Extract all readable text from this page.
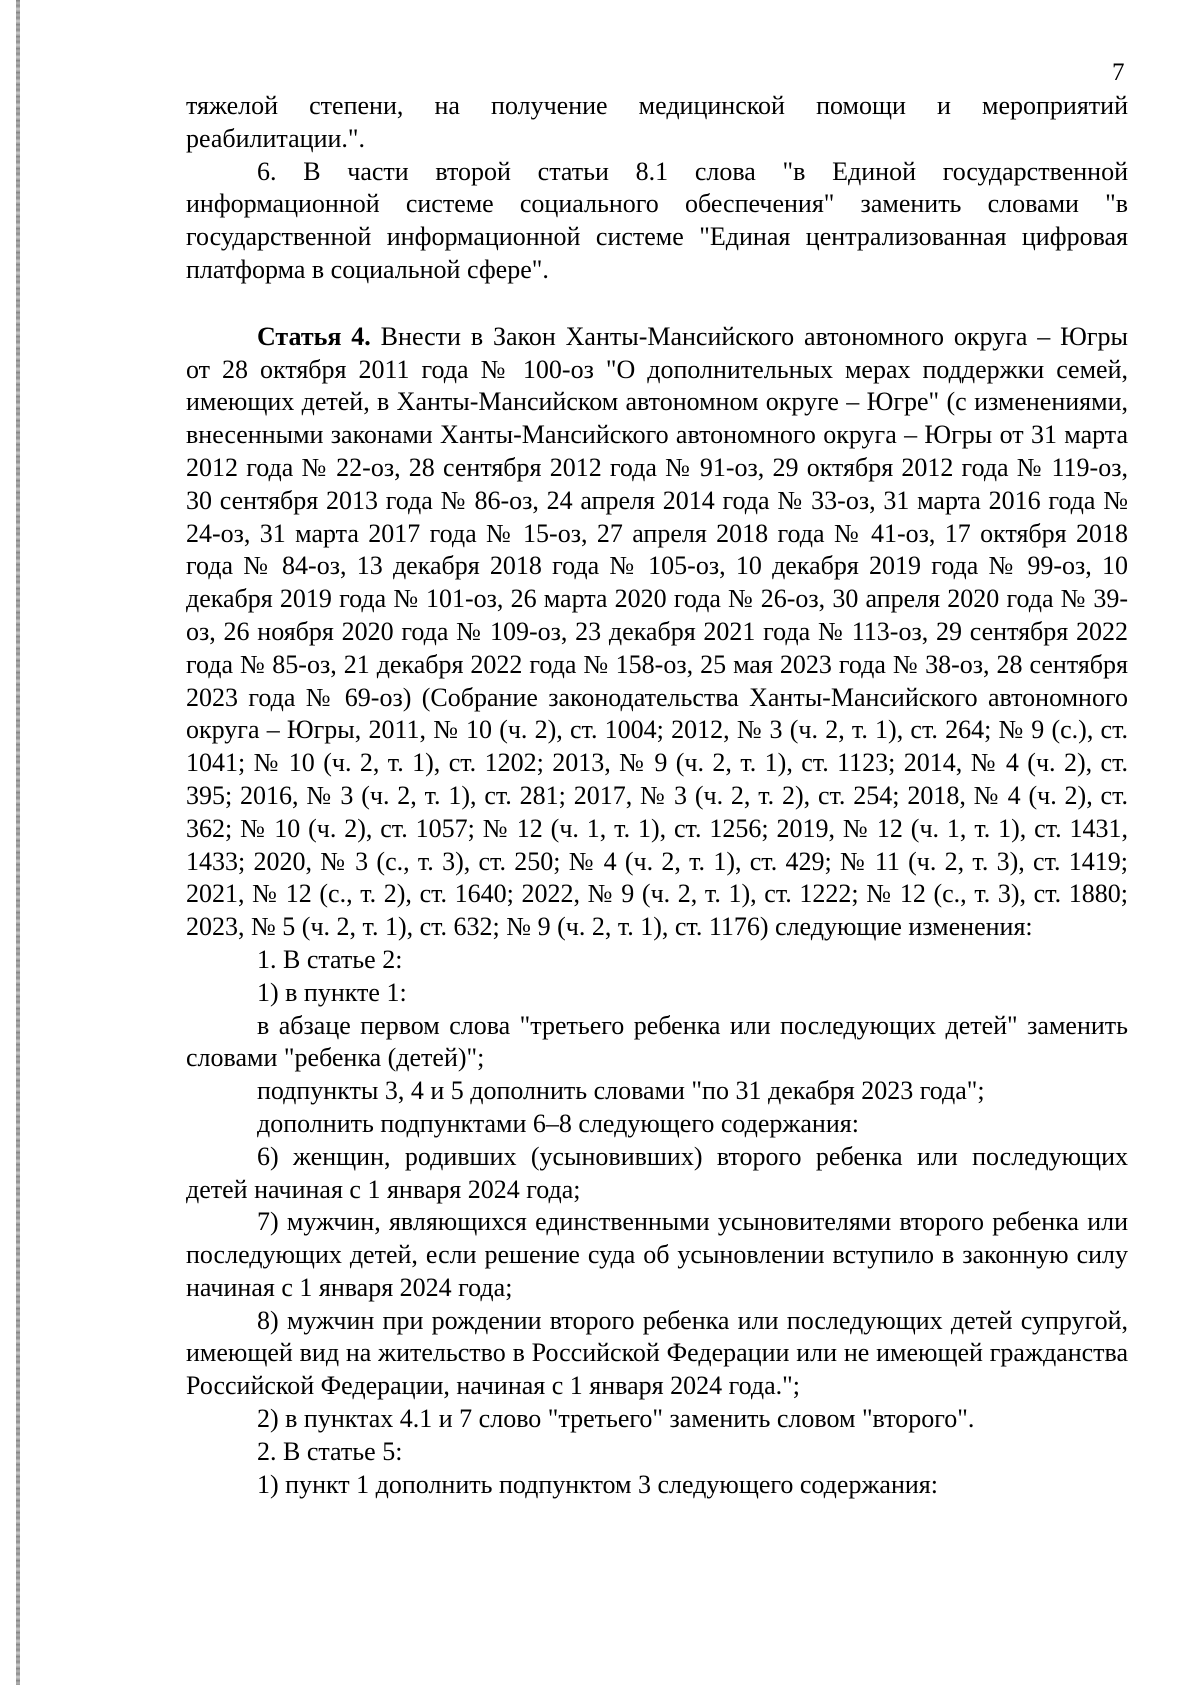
7

тяжелой степени, на получение медицинской помощи и мероприятий реабилитации.".

6. В части второй статьи 8.1 слова "в Единой государственной информационной системе социального обеспечения" заменить словами "в государственной информационной системе "Единая централизованная цифровая платформа в социальной сфере".

Статья 4. Внести в Закон Ханты-Мансийского автономного округа – Югры от 28 октября 2011 года № 100-оз "О дополнительных мерах поддержки семей, имеющих детей, в Ханты-Мансийском автономном округе – Югре" (с изменениями, внесенными законами Ханты-Мансийского автономного округа – Югры от 31 марта 2012 года № 22-оз, 28 сентября 2012 года № 91-оз, 29 октября 2012 года № 119-оз, 30 сентября 2013 года № 86-оз, 24 апреля 2014 года № 33-оз, 31 марта 2016 года № 24-оз, 31 марта 2017 года № 15-оз, 27 апреля 2018 года № 41-оз, 17 октября 2018 года № 84-оз, 13 декабря 2018 года № 105-оз, 10 декабря 2019 года № 99-оз, 10 декабря 2019 года № 101-оз, 26 марта 2020 года № 26-оз, 30 апреля 2020 года № 39-оз, 26 ноября 2020 года № 109-оз, 23 декабря 2021 года № 113-оз, 29 сентября 2022 года № 85-оз, 21 декабря 2022 года № 158-оз, 25 мая 2023 года № 38-оз, 28 сентября 2023 года № 69-оз) (Собрание законодательства Ханты-Мансийского автономного округа – Югры, 2011, № 10 (ч. 2), ст. 1004; 2012, № 3 (ч. 2, т. 1), ст. 264; № 9 (с.), ст. 1041; № 10 (ч. 2, т. 1), ст. 1202; 2013, № 9 (ч. 2, т. 1), ст. 1123; 2014, № 4 (ч. 2), ст. 395; 2016, № 3 (ч. 2, т. 1), ст. 281; 2017, № 3 (ч. 2, т. 2), ст. 254; 2018, № 4 (ч. 2), ст. 362; № 10 (ч. 2), ст. 1057; № 12 (ч. 1, т. 1), ст. 1256; 2019, № 12 (ч. 1, т. 1), ст. 1431, 1433; 2020, № 3 (с., т. 3), ст. 250; № 4 (ч. 2, т. 1), ст. 429; № 11 (ч. 2, т. 3), ст. 1419; 2021, № 12 (с., т. 2), ст. 1640; 2022, № 9 (ч. 2, т. 1), ст. 1222; № 12 (с., т. 3), ст. 1880; 2023, № 5 (ч. 2, т. 1), ст. 632; № 9 (ч. 2, т. 1), ст. 1176) следующие изменения:

1. В статье 2:

1) в пункте 1:

в абзаце первом слова "третьего ребенка или последующих детей" заменить словами "ребенка (детей)";

подпункты 3, 4 и 5 дополнить словами "по 31 декабря 2023 года";

дополнить подпунктами 6–8 следующего содержания:

6) женщин, родивших (усыновивших) второго ребенка или последующих детей начиная с 1 января 2024 года;

7) мужчин, являющихся единственными усыновителями второго ребенка или последующих детей, если решение суда об усыновлении вступило в законную силу начиная с 1 января 2024 года;

8) мужчин при рождении второго ребенка или последующих детей супругой, имеющей вид на жительство в Российской Федерации или не имеющей гражданства Российской Федерации, начиная с 1 января 2024 года.";

2) в пунктах 4.1 и 7 слово "третьего" заменить словом "второго".

2. В статье 5:

1) пункт 1 дополнить подпунктом 3 следующего содержания:
